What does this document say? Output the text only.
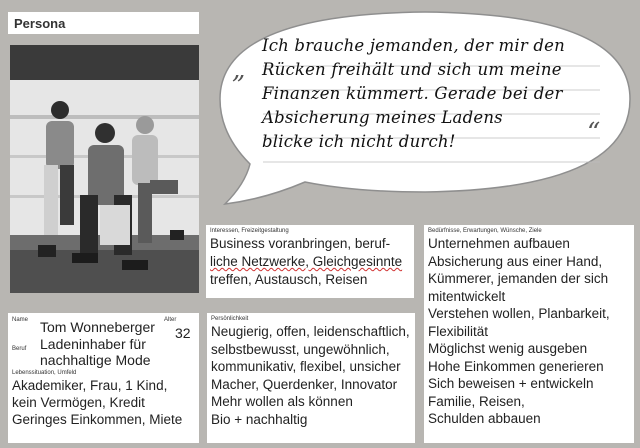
Persona
„
“
Ich brauche jemanden, der mir den
Rücken freihält und sich um meine
Finanzen kümmert. Gerade bei der
Absicherung meines Ladens
blicke ich nicht durch!
Interessen, Freizeitgestaltung
Business voranbringen, beruf-
liche Netzwerke, Gleichgesinnte
treffen, Austausch, Reisen
Bedürfnisse, Erwartungen, Wünsche, Ziele
Unternehmen aufbauen
Absicherung aus einer Hand,
Kümmerer, jemanden der sich
mitentwickelt
Verstehen wollen, Planbarkeit,
Flexibilität
Möglichst wenig ausgeben
Hohe Einkommen generieren
Sich beweisen + entwickeln
Familie, Reisen,
Schulden abbauen
Persönlichkeit
Neugierig, offen, leidenschaftlich,
selbstbewusst, ungewöhnlich,
kommunikativ, flexibel, unsicher
Macher, Querdenker, Innovator
Mehr wollen als können
Bio + nachhaltig
Name Tom Wonneberger Alter
32
Beruf Ladeninhaber für
nachhaltige Mode
Lebenssituation, Umfeld
Akademiker, Frau, 1 Kind,
kein Vermögen, Kredit
Geringes Einkommen, Miete
